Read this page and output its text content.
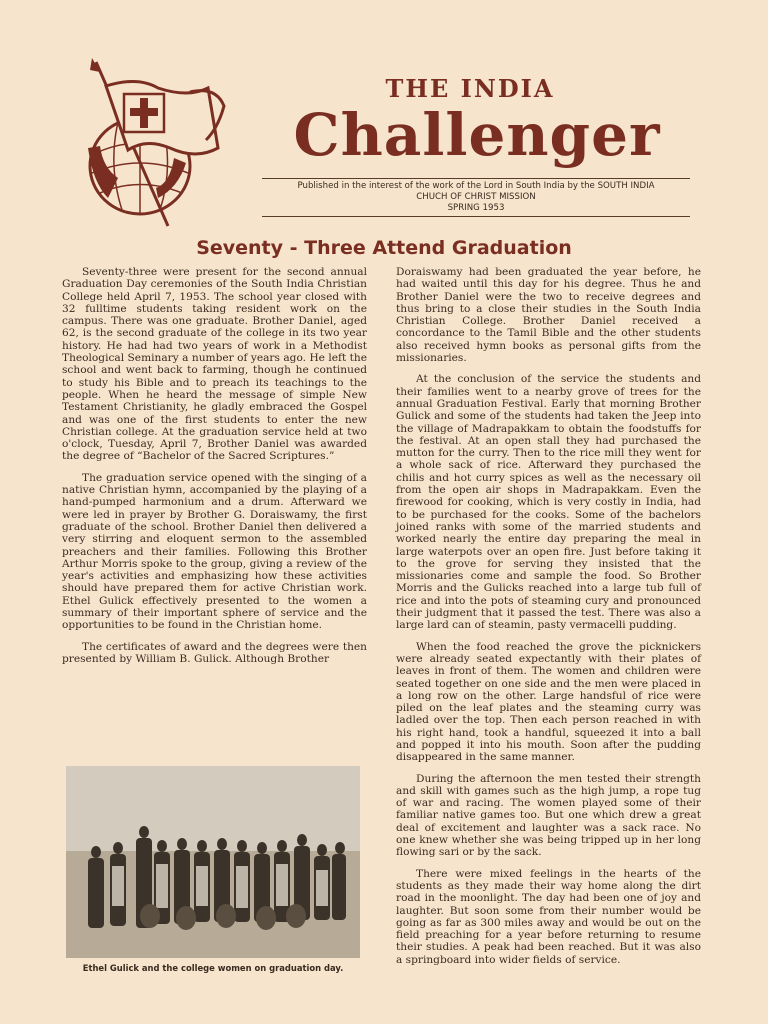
THE INDIA
Challenger
Published in the interest of the work of the Lord in South India by the SOUTH INDIA
CHUCH OF CHRIST MISSION
SPRING 1953
Seventy - Three Attend Graduation

Seventy-three were present for the second annual Graduation Day ceremonies of the South India Christian College held April 7, 1953. The school year closed with 32 fulltime students taking resident work on the campus. There was one graduate. Brother Daniel, aged 62, is the second graduate of the college in its two year history. He had had two years of work in a Methodist Theological Seminary a number of years ago. He left the school and went back to farming, though he continued to study his Bible and to preach its teachings to the people. When he heard the message of simple New Testament Christianity, he gladly embraced the Gospel and was one of the first students to enter the new Christian college. At the graduation service held at two o'clock, Tuesday, April 7, Brother Daniel was awarded the degree of “Bachelor of the Sacred Scriptures.”

The graduation service opened with the singing of a native Christian hymn, accompanied by the playing of a hand-pumped harmonium and a drum. Afterward we were led in prayer by Brother G. Doraiswamy, the first graduate of the school. Brother Daniel then delivered a very stirring and eloquent sermon to the assembled preachers and their families. Following this Brother Arthur Morris spoke to the group, giving a review of the year's activities and emphasizing how these activities should have prepared them for active Christian work. Ethel Gulick effectively presented to the women a summary of their important sphere of service and the opportunities to be found in the Christian home.

The certificates of award and the degrees were then presented by William B. Gulick. Although Brother

Doraiswamy had been graduated the year before, he had waited until this day for his degree. Thus he and Brother Daniel were the two to receive degrees and thus bring to a close their studies in the South India Christian College. Brother Daniel received a concordance to the Tamil Bible and the other students also received hymn books as personal gifts from the missionaries.

At the conclusion of the service the students and their families went to a nearby grove of trees for the annual Graduation Festival. Early that morning Brother Gulick and some of the students had taken the Jeep into the village of Madrapakkam to obtain the foodstuffs for the festival. At an open stall they had purchased the mutton for the curry. Then to the rice mill they went for a whole sack of rice. Afterward they purchased the chilis and hot curry spices as well as the necessary oil from the open air shops in Madrapakkam. Even the firewood for cooking, which is very costly in India, had to be purchased for the cooks. Some of the bachelors joined ranks with some of the married students and worked nearly the entire day preparing the meal in large waterpots over an open fire. Just before taking it to the grove for serving they insisted that the missionaries come and sample the food. So Brother Morris and the Gulicks reached into a large tub full of rice and into the pots of steaming cury and pronounced their judgment that it passed the test. There was also a large lard can of steamin, pasty vermacelli pudding.

When the food reached the grove the picknickers were already seated expectantly with their plates of leaves in front of them. The women and children were seated together on one side and the men were placed in a long row on the other. Large handsful of rice were piled on the leaf plates and the steaming curry was ladled over the top. Then each person reached in with his right hand, took a handful, squeezed it into a ball and popped it into his mouth. Soon after the pudding disappeared in the same manner.

During the afternoon the men tested their strength and skill with games such as the high jump, a rope tug of war and racing. The women played some of their familiar native games too. But one which drew a great deal of excitement and laughter was a sack race. No one knew whether she was being tripped up in her long flowing sari or by the sack.

There were mixed feelings in the hearts of the students as they made their way home along the dirt road in the moonlight. The day had been one of joy and laughter. But soon some from their number would be going as far as 300 miles away and would be out on the field preaching for a year before returning to resume their studies. A peak had been reached. But it was also a springboard into wider fields of service.

Ethel Gulick and the college women on graduation day.
